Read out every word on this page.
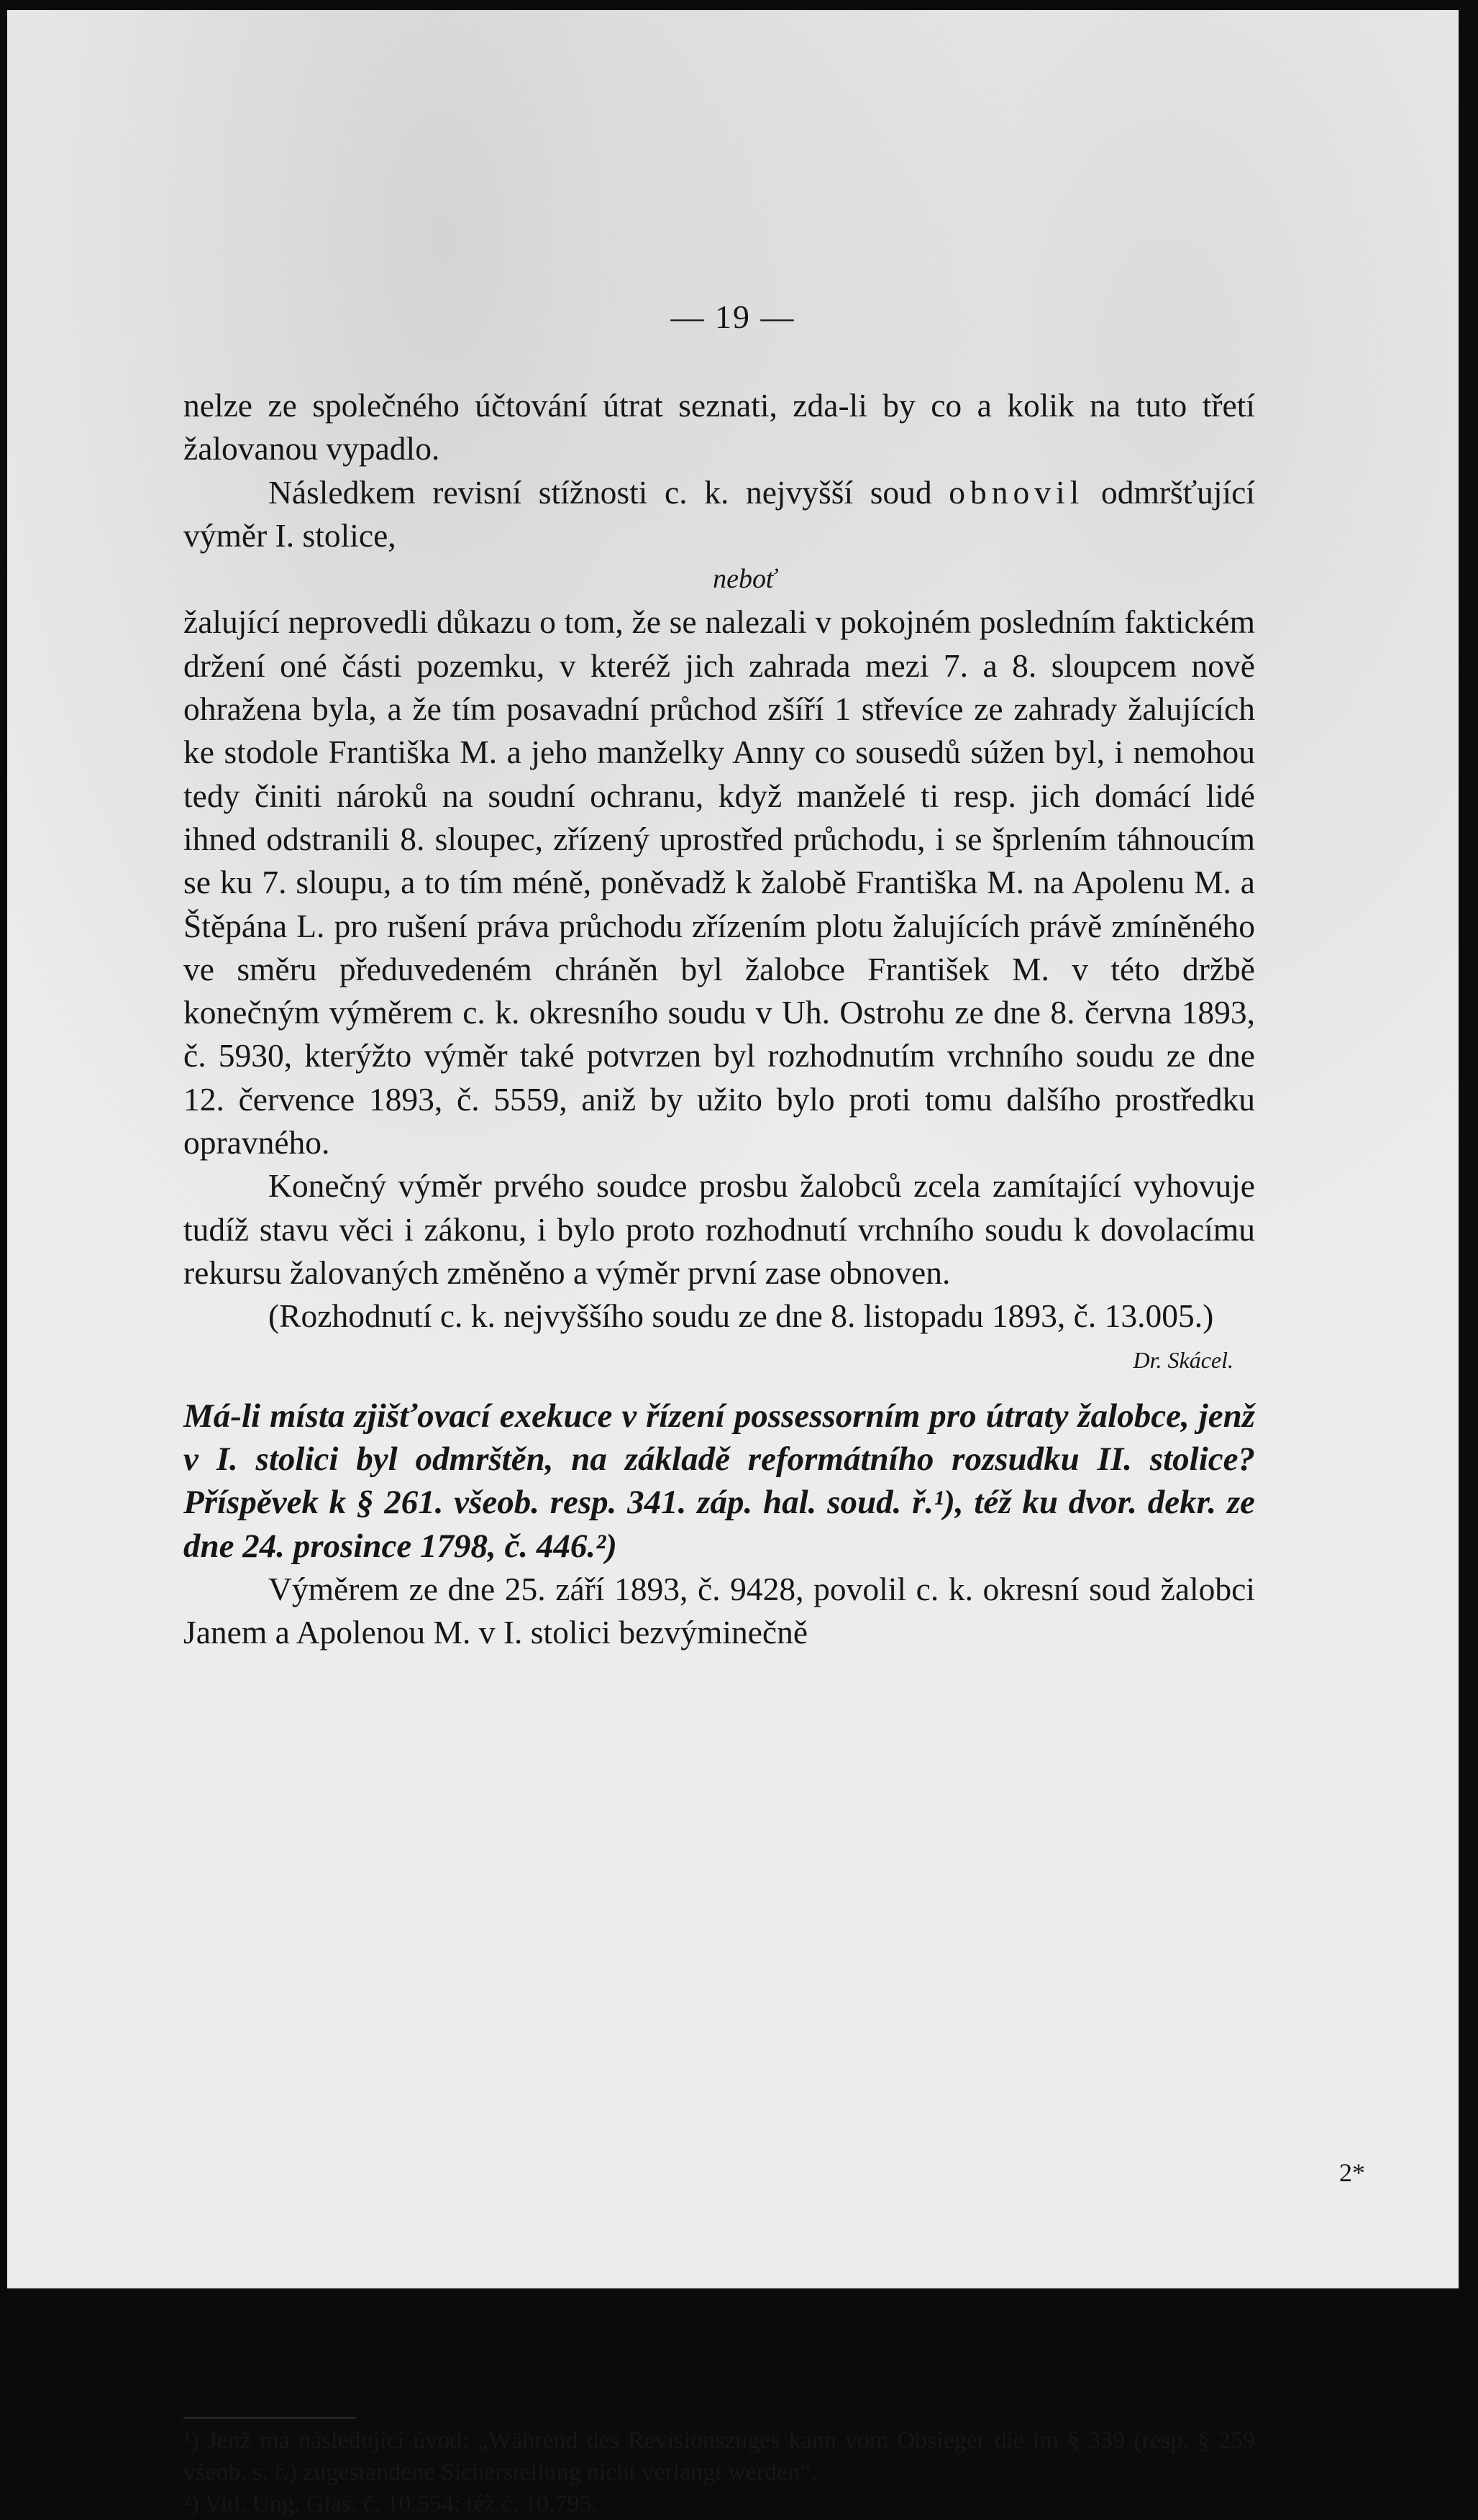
— 19 —

nelze ze společného účtování útrat seznati, zda-li by co a kolik na tuto třetí žalovanou vypadlo.

Následkem revisní stížnosti c. k. nejvyšší soud obnovil odmršťující výměr I. stolice,

neboť

žalující neprovedli důkazu o tom, že se nalezali v pokojném posledním faktickém držení oné části pozemku, v kteréž jich zahrada mezi 7. a 8. sloupcem nově ohražena byla, a že tím posavadní průchod zšíří 1 střevíce ze zahrady žalujících ke stodole Františka M. a jeho manželky Anny co sousedů súžen byl, i nemohou tedy činiti nároků na soudní ochranu, když manželé ti resp. jich domácí lidé ihned odstranili 8. sloupec, zřízený uprostřed průchodu, i se šprlením táhnoucím se ku 7. sloupu, a to tím méně, poněvadž k žalobě Františka M. na Apolenu M. a Štěpána L. pro rušení práva průchodu zřízením plotu žalujících právě zmíněného ve směru předuvedeném chráněn byl žalobce František M. v této držbě konečným výměrem c. k. okresního soudu v Uh. Ostrohu ze dne 8. června 1893, č. 5930, kterýžto výměr také potvrzen byl rozhodnutím vrchního soudu ze dne 12. července 1893, č. 5559, aniž by užito bylo proti tomu dalšího prostředku opravného.

Konečný výměr prvého soudce prosbu žalobců zcela zamítající vyhovuje tudíž stavu věci i zákonu, i bylo proto rozhodnutí vrchního soudu k dovolacímu rekursu žalovaných změněno a výměr první zase obnoven.

(Rozhodnutí c. k. nejvyššího soudu ze dne 8. listopadu 1893, č. 13.005.)

Dr. Skácel.

Má-li místa zjišťovací exekuce v řízení possessorním pro útraty žalobce, jenž v I. stolici byl odmrštěn, na základě reformátního rozsudku II. stolice? Příspěvek k § 261. všeob. resp. 341. záp. hal. soud. ř.¹), též ku dvor. dekr. ze dne 24. prosince 1798, č. 446.²)

Výměrem ze dne 25. září 1893, č. 9428, povolil c. k. okresní soud žalobci Janem a Apolenou M. v I. stolici bezvýminečně

¹) Jenž má následující úvod: „Während des Revisionszuges kann vom Obsieger die im § 339 (resp. § 259 všeob. s. ř.) zugestandene Sicherstellung nicht verlangt werden“.

²) Vid. Ung. Glas. č. 10.554; též č. 10.795.

2*
